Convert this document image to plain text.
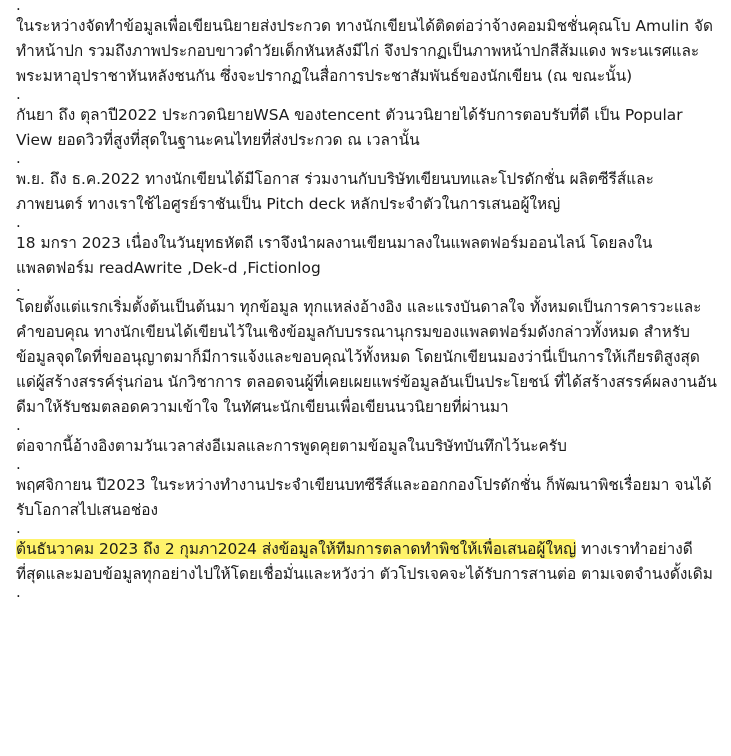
.

ในระหว่างจัดทำข้อมูลเพื่อเขียนนิยายส่งประกวด ทางนักเขียนได้ติดต่อว่าจ้างคอมมิชชั่นคุณโบ Amulin จัดทำหน้าปก รวมถึงภาพประกอบขาวดำวัยเด็กหันหลังมีไก่ จึงปรากฏเป็นภาพหน้าปกสีส้มแดง พระนเรศและพระมหาอุปราชาหันหลังชนกัน ซึ่งจะปรากฏในสื่อการประชาสัมพันธ์ของนักเขียน (ณ ขณะนั้น)

.

กันยา ถึง ตุลาปี2022 ประกวดนิยายWSA ของtencent ตัวนวนิยายได้รับการตอบรับที่ดี เป็น Popular View ยอดวิวที่สูงที่สุดในฐานะคนไทยที่ส่งประกวด ณ เวลานั้น

.

พ.ย. ถึง ธ.ค.2022 ทางนักเขียนได้มีโอกาส ร่วมงานกับบริษัทเขียนบทและโปรดักชั่น ผลิตซีรีส์และภาพยนตร์ ทางเราใช้ไอศูรย์ราชันเป็น Pitch deck หลักประจำตัวในการเสนอผู้ใหญ่

.

18 มกรา 2023 เนื่องในวันยุทธหัตถี เราจึงนำผลงานเขียนมาลงในแพลตฟอร์มออนไลน์ โดยลงในแพลตฟอร์ม readAwrite ,Dek-d ,Fictionlog

.

โดยตั้งแต่แรกเริ่มตั้งต้นเป็นต้นมา ทุกข้อมูล ทุกแหล่งอ้างอิง และแรงบันดาลใจ ทั้งหมดเป็นการคารวะและคำขอบคุณ ทางนักเขียนได้เขียนไว้ในเชิงข้อมูลกับบรรณานุกรมของแพลตฟอร์มดังกล่าวทั้งหมด สำหรับข้อมูลจุดใดที่ขออนุญาตมาก็มีการแจ้งและขอบคุณไว้ทั้งหมด โดยนักเขียนมองว่านี่เป็นการให้เกียรติสูงสุดแด่ผู้สร้างสรรค์รุ่นก่อน นักวิชาการ ตลอดจนผู้ที่เคยเผยแพร่ข้อมูลอันเป็นประโยชน์ ที่ได้สร้างสรรค์ผลงานอันดีมาให้รับชมตลอดความเข้าใจ ในทัศนะนักเขียนเพื่อเขียนนวนิยายที่ผ่านมา

.

ต่อจากนี้อ้างอิงตามวันเวลาส่งอีเมลและการพูดคุยตามข้อมูลในบริษัทบันทึกไว้นะครับ

.

พฤศจิกายน ปี2023 ในระหว่างทำงานประจำเขียนบทซีรีส์และออกกองโปรดักชั่น ก็พัฒนาพิชเรื่อยมา จนได้รับโอกาสไปเสนอช่อง

.

ต้นธันวาคม 2023 ถึง 2 กุมภา2024 ส่งข้อมูลให้ทีมการตลาดทำพิชให้เพื่อเสนอผู้ใหญ่ ทางเราทำอย่างดีที่สุดและมอบข้อมูลทุกอย่างไปให้โดยเชื่อมั่นและหวังว่า ตัวโปรเจคจะได้รับการสานต่อ ตามเจตจำนงดั้งเดิม

.
